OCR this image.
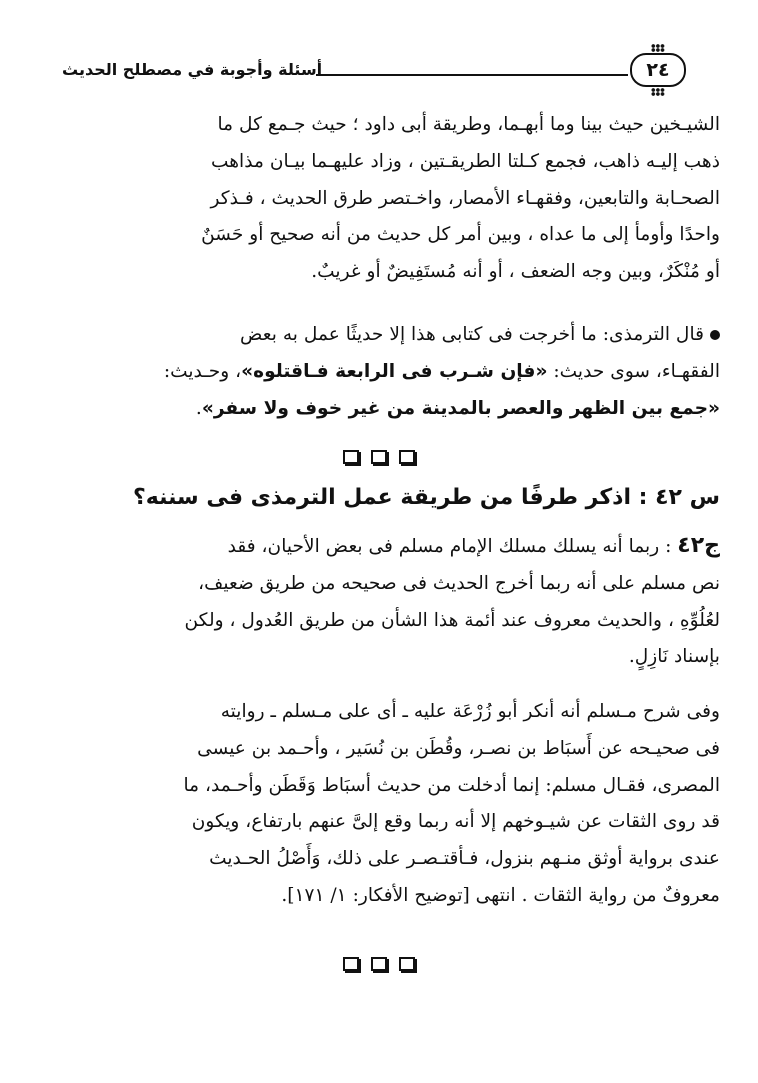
أسئلة وأجوبة في مصطلح الحديث	٢٤
الشيـخين حيث بينا وما أبهـما، وطريقة أبى داود ؛ حيث جـمع كل ما
ذهب إليـه ذاهب، فجمع كـلتا الطريقـتين ، وزاد عليهـما بيـان مذاهب
الصحـابة والتابعين، وفقهـاء الأمصار، واخـتصر طرق الحديث ، فـذكر
واحدًا وأومأ إلى ما عداه ، وبين أمر كل حديث من أنه صحيح أو حَسَنٌ
أو مُنْكَرٌ، وبين وجه الضعف ، أو أنه مُستَفِيضٌ أو غريبٌ.
قال الترمذى: ما أخرجت فى كتابى هذا إلا حديثًا عمل به بعض
الفقهـاء، سوى حديث: «فإن شـرب فى الرابعة فـاقتلوه»، وحـديث:
«جمع بين الظهر والعصر بالمدينة من غير خوف ولا سفر».
س ٤٢ : اذكر طرفًا من طريقة عمل الترمذى فى سننه؟
ج٤٢ : ربما أنه يسلك مسلك الإمام مسلم فى بعض الأحيان، فقد
نص مسلم على أنه ربما أخرج الحديث فى صحيحه من طريق ضعيف،
لعُلُوِّهِ ، والحديث معروف عند أئمة هذا الشأن من طريق العُدول ، ولكن
بإسناد نَازِلٍ.
وفى شرح مـسلم أنه أنكر أبو زُرْعَة عليه ـ أى على مـسلم ـ روايته
فى صحيـحه عن أَسبَاط بن نصـر، وقُطَن بن نُسَير ، وأحـمد بن عيسى
المصرى، فقـال مسلم: إنما أدخلت من حديث أسبَاط وَقَطَن وأحـمد، ما
قد روى الثقات عن شيـوخهم إلا أنه ربما وقع إلىَّ عنهم بارتفاع، ويكون
عندى برواية أوثق منـهم بنزول، فـأقتـصـر على ذلك، وَأَصْلُ الحـديث
معروفٌ من رواية الثقات . انتهى [توضيح الأفكار: ١/ ١٧١].
